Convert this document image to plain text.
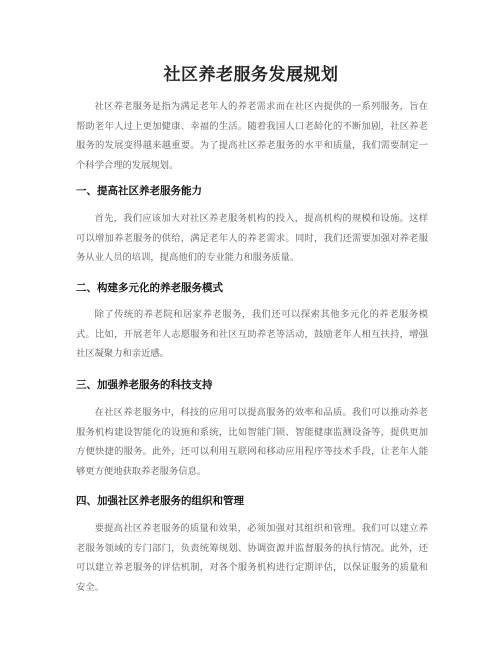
社区养老服务发展规划

社区养老服务是指为满足老年人的养老需求而在社区内提供的一系列服务，旨在帮助老年人过上更加健康、幸福的生活。随着我国人口老龄化的不断加剧，社区养老服务的发展变得越来越重要。为了提高社区养老服务的水平和质量，我们需要制定一个科学合理的发展规划。

一、提高社区养老服务能力

首先，我们应该加大对社区养老服务机构的投入，提高机构的规模和设施。这样可以增加养老服务的供给，满足老年人的养老需求。同时，我们还需要加强对养老服务从业人员的培训，提高他们的专业能力和服务质量。

二、构建多元化的养老服务模式

除了传统的养老院和居家养老服务，我们还可以探索其他多元化的养老服务模式。比如，开展老年人志愿服务和社区互助养老等活动，鼓励老年人相互扶持，增强社区凝聚力和亲近感。

三、加强养老服务的科技支持

在社区养老服务中，科技的应用可以提高服务的效率和品质。我们可以推动养老服务机构建设智能化的设施和系统，比如智能门锁、智能健康监测设备等，提供更加方便快捷的服务。此外，还可以利用互联网和移动应用程序等技术手段，让老年人能够更方便地获取养老服务信息。

四、加强社区养老服务的组织和管理

要提高社区养老服务的质量和效果，必须加强对其组织和管理。我们可以建立养老服务领域的专门部门，负责统筹规划、协调资源并监督服务的执行情况。此外，还可以建立养老服务的评估机制，对各个服务机构进行定期评估，以保证服务的质量和安全。
